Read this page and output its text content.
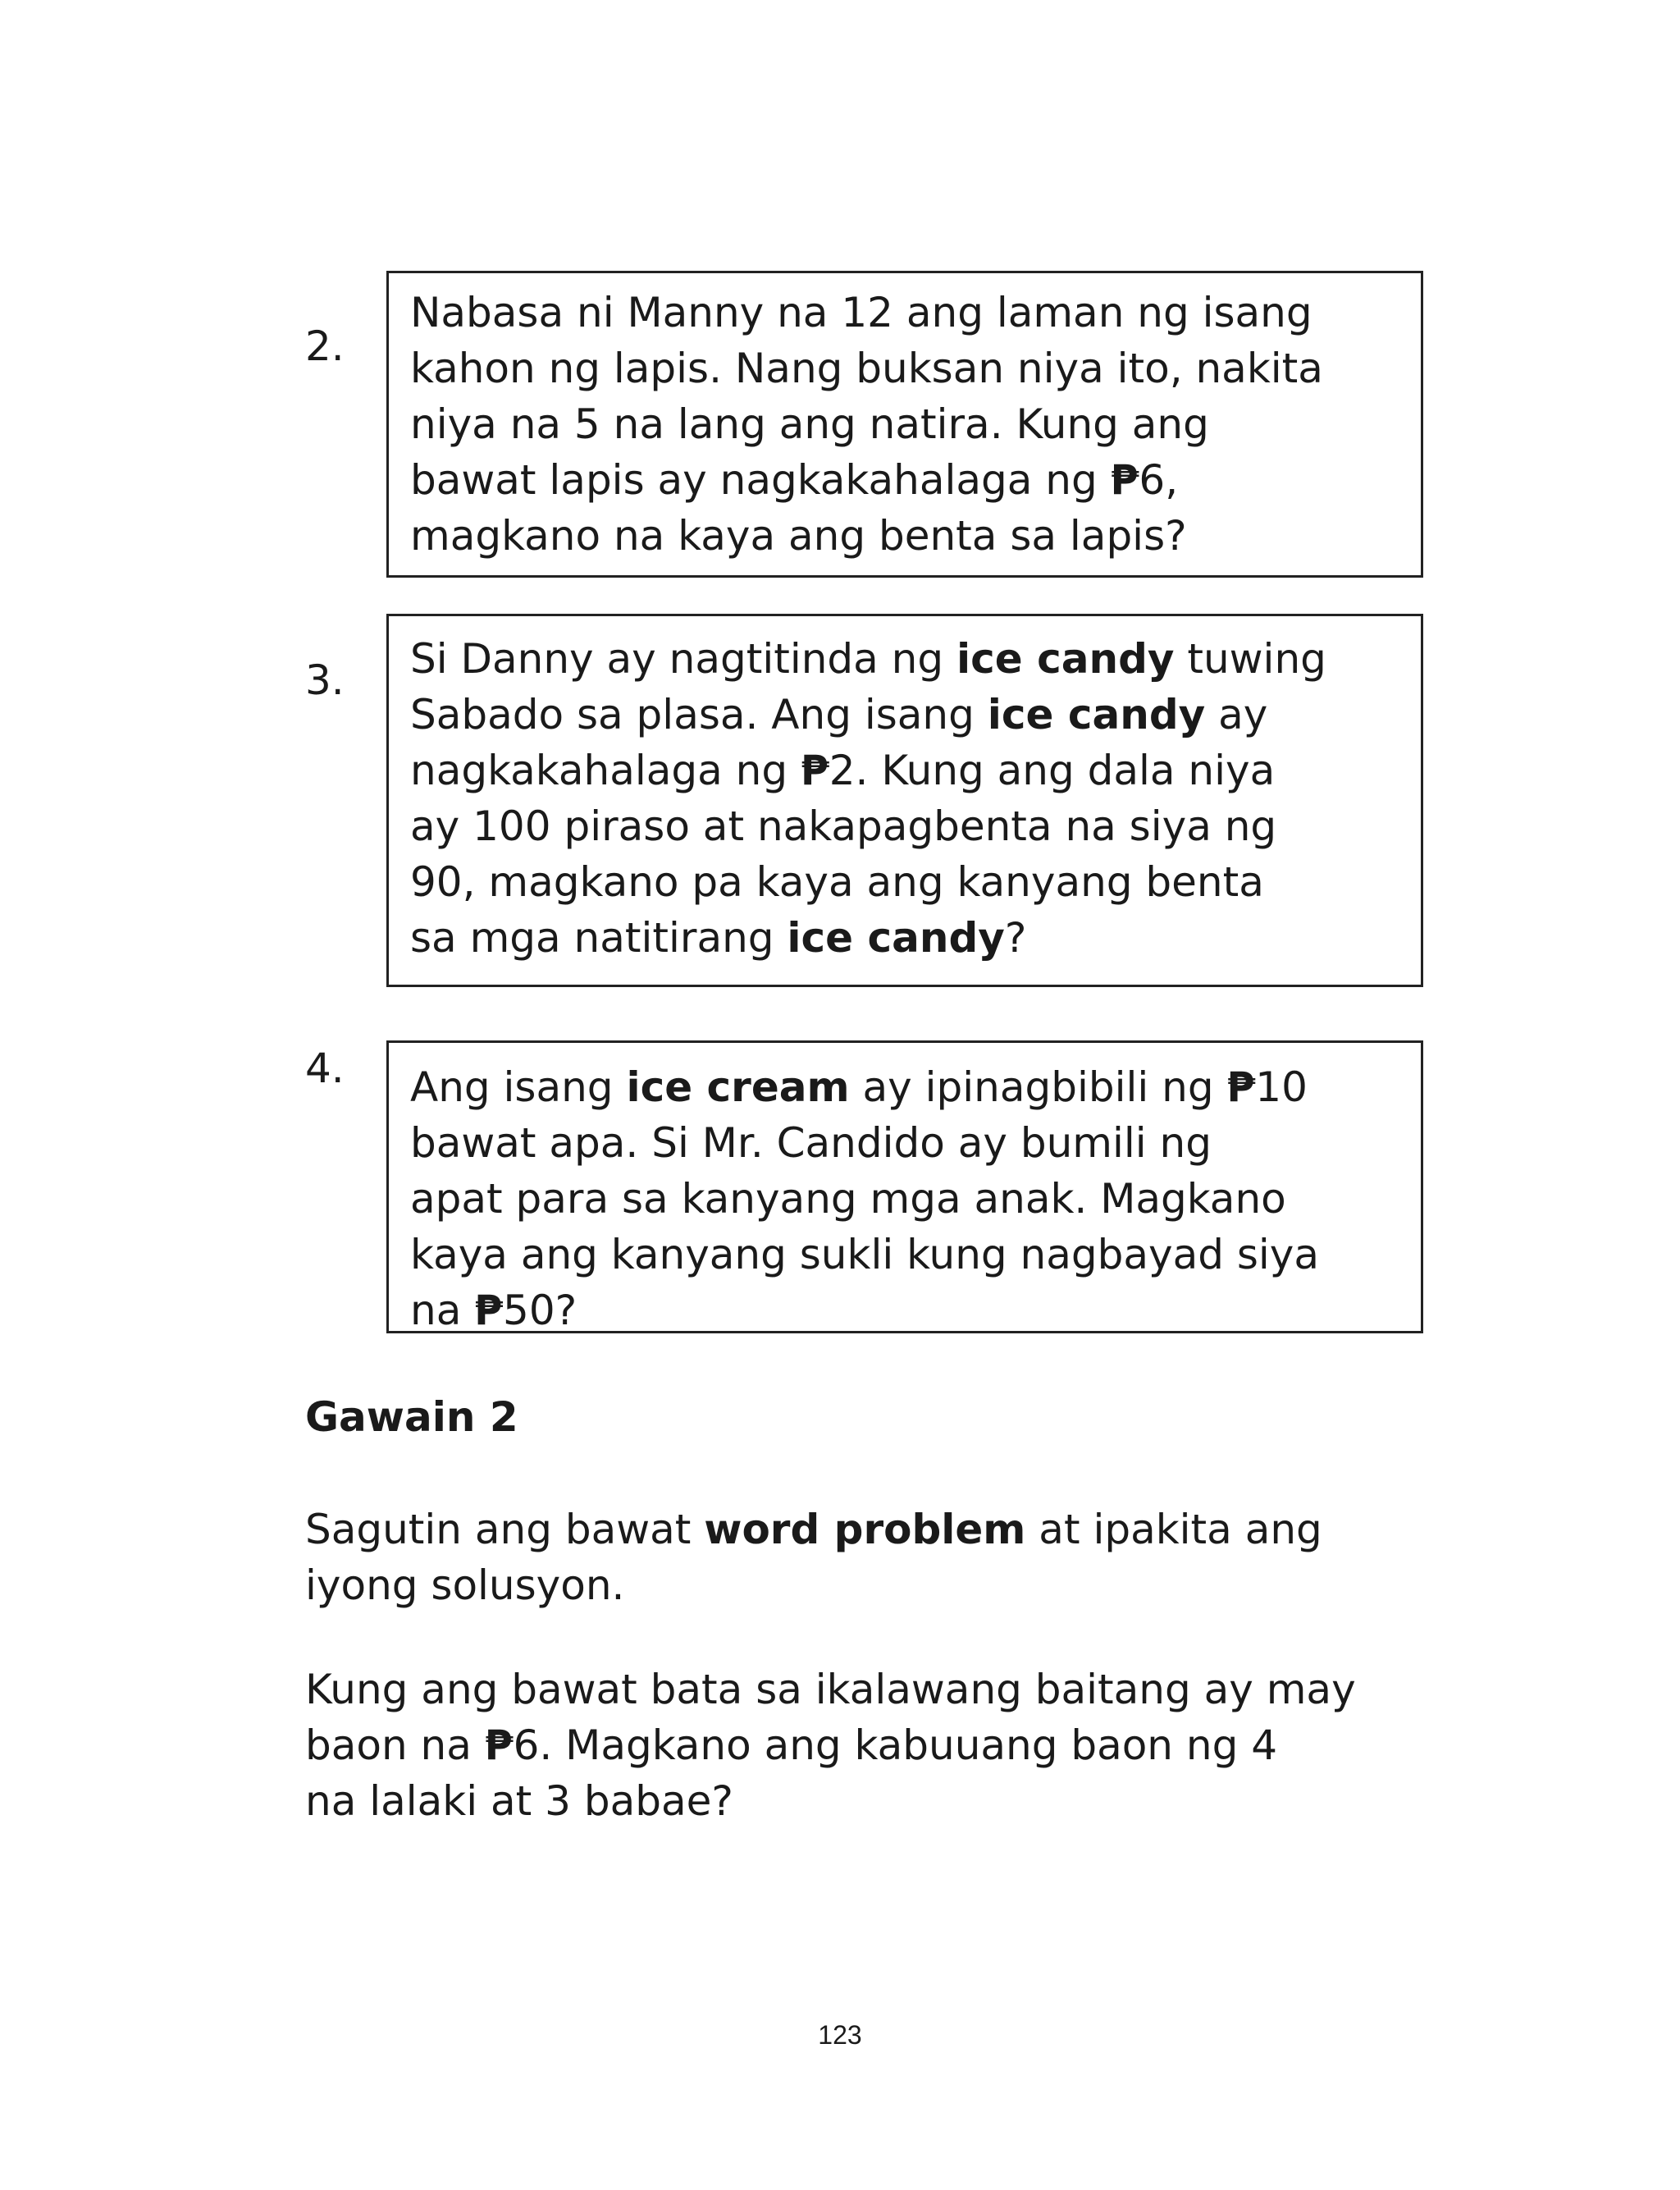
2.

Nabasa ni Manny na 12 ang laman ng isang
kahon ng lapis. Nang buksan niya ito, nakita
niya na 5 na lang ang natira. Kung ang
bawat lapis ay nagkakahalaga ng ₱6,
magkano na kaya ang benta sa lapis?

3. Si Danny ay nagtitinda ng ice candy tuwing
Sabado sa plasa. Ang isang ice candy ay
nagkakahalaga ng ₱2. Kung ang dala niya
ay 100 piraso at nakapagbenta na siya ng
90, magkano pa kaya ang kanyang benta
sa mga natitirang ice candy?

4. Ang isang ice cream ay ipinagbibili ng ₱10
bawat apa. Si Mr. Candido ay bumili ng
apat para sa kanyang mga anak. Magkano
kaya ang kanyang sukli kung nagbayad siya
na ₱50?
Gawain 2

Sagutin ang bawat word problem at ipakita ang
iyong solusyon.

Kung ang bawat bata sa ikalawang baitang ay may
baon na ₱6. Magkano ang kabuuang baon ng 4
na lalaki at 3 babae?

123
